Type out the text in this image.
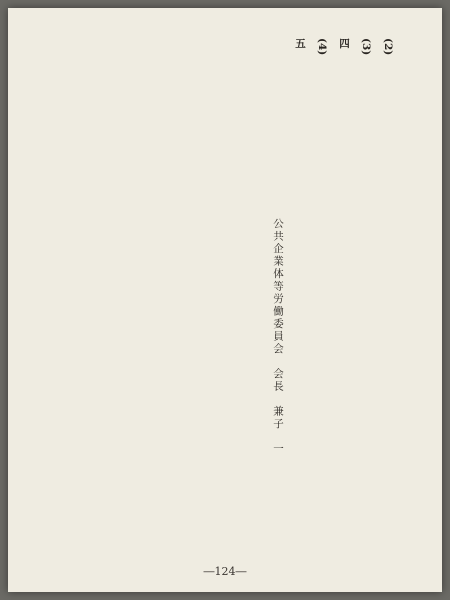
(2)

(3)

四

(4)

五

公共企業体等労働委員会　会長　兼子　一

―124―
